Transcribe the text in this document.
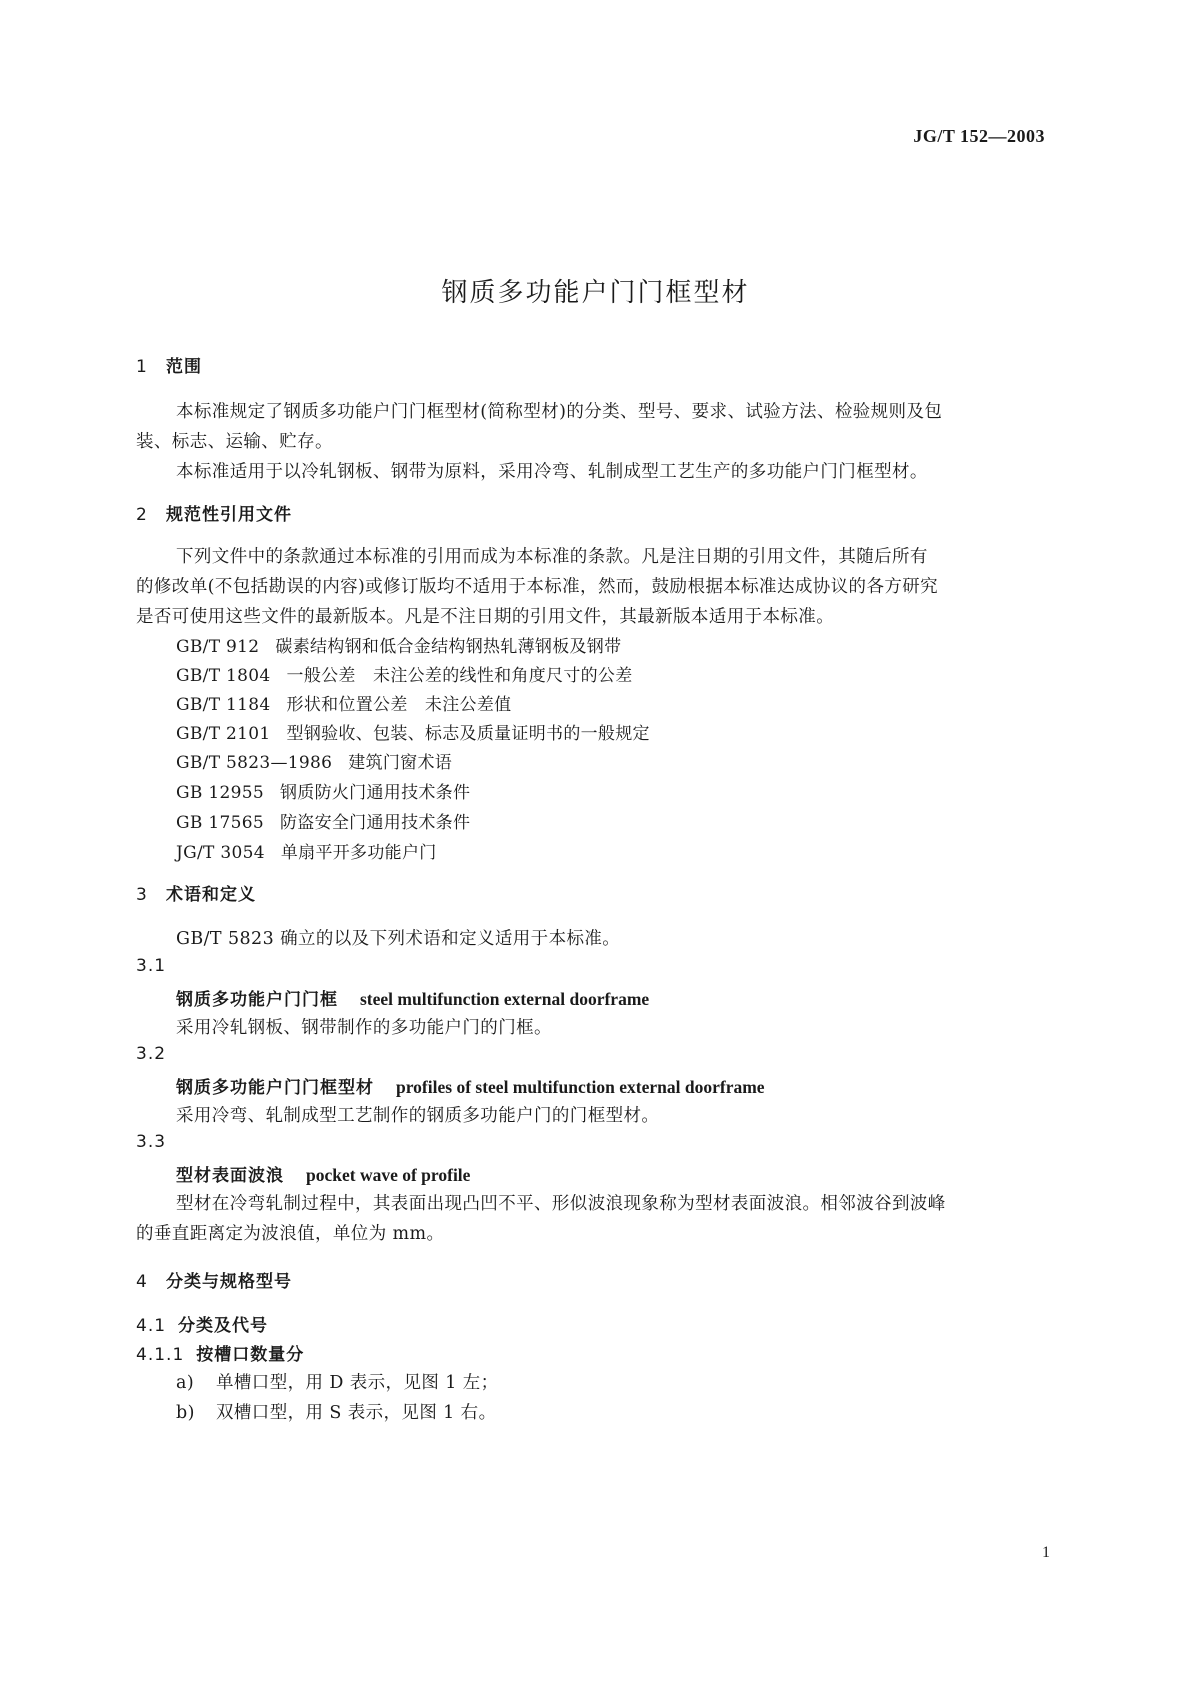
JG/T 152—2003
钢质多功能户门门框型材
1 范围
本标准规定了钢质多功能户门门框型材(简称型材)的分类、型号、要求、试验方法、检验规则及包
装、标志、运输、贮存。
本标准适用于以冷轧钢板、钢带为原料，采用冷弯、轧制成型工艺生产的多功能户门门框型材。
2 规范性引用文件
下列文件中的条款通过本标准的引用而成为本标准的条款。凡是注日期的引用文件，其随后所有
的修改单(不包括勘误的内容)或修订版均不适用于本标准，然而，鼓励根据本标准达成协议的各方研究
是否可使用这些文件的最新版本。凡是不注日期的引用文件，其最新版本适用于本标准。
GB/T 912 碳素结构钢和低合金结构钢热轧薄钢板及钢带
GB/T 1804 一般公差　未注公差的线性和角度尺寸的公差
GB/T 1184 形状和位置公差　未注公差值
GB/T 2101 型钢验收、包装、标志及质量证明书的一般规定
GB/T 5823—1986 建筑门窗术语
GB 12955 钢质防火门通用技术条件
GB 17565 防盗安全门通用技术条件
JG/T 3054 单扇平开多功能户门
3 术语和定义
GB/T 5823 确立的以及下列术语和定义适用于本标准。
3.1
钢质多功能户门门框 steel multifunction external doorframe
采用冷轧钢板、钢带制作的多功能户门的门框。
3.2
钢质多功能户门门框型材 profiles of steel multifunction external doorframe
采用冷弯、轧制成型工艺制作的钢质多功能户门的门框型材。
3.3
型材表面波浪 pocket wave of profile
型材在冷弯轧制过程中，其表面出现凸凹不平、形似波浪现象称为型材表面波浪。相邻波谷到波峰
的垂直距离定为波浪值，单位为 mm。
4 分类与规格型号
4.1 分类及代号
4.1.1 按槽口数量分
a) 单槽口型，用 D 表示，见图 1 左；
b) 双槽口型，用 S 表示，见图 1 右。
1
